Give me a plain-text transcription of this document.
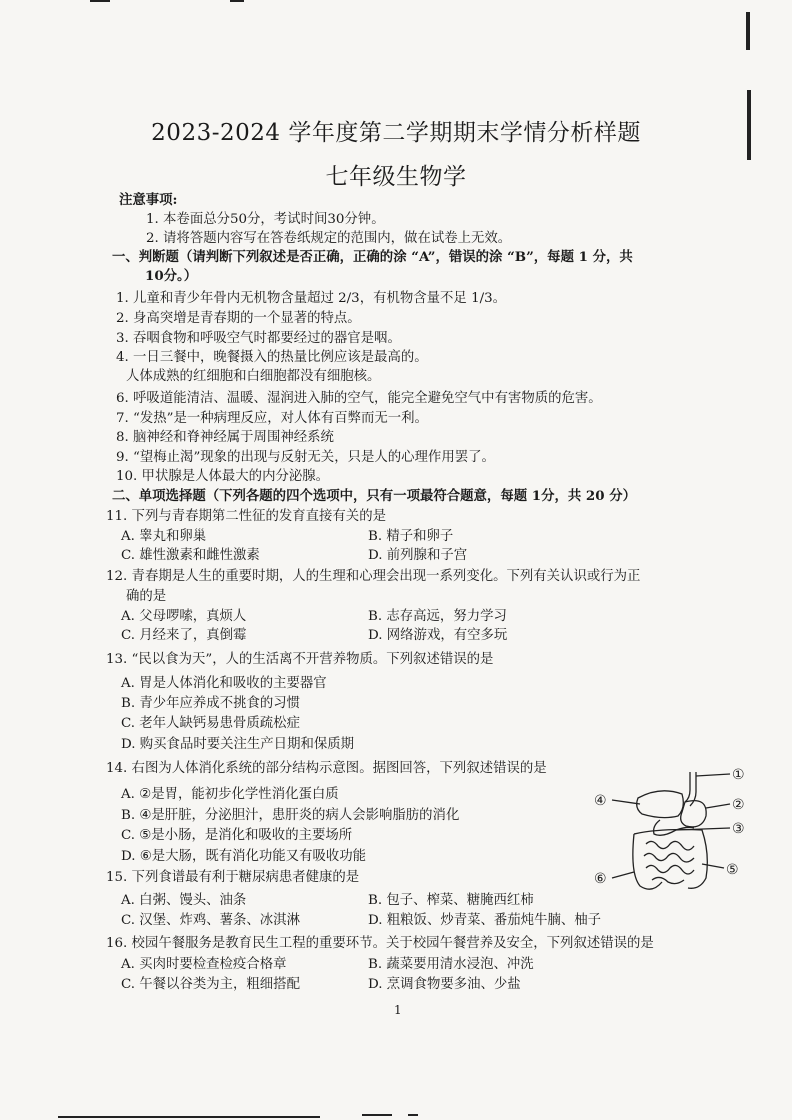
2023-2024 学年度第二学期期末学情分析样题
七年级生物学
注意事项:
1. 本卷面总分50分，考试时间30分钟。
2. 请将答题内容写在答卷纸规定的范围内，做在试卷上无效。
一、判断题（请判断下列叙述是否正确，正确的涂 “A”，错误的涂 “B”，每题 1 分，共
10分。）
1. 儿童和青少年骨内无机物含量超过 2/3，有机物含量不足 1/3。
2. 身高突增是青春期的一个显著的特点。
3. 吞咽食物和呼吸空气时都要经过的器官是咽。
4. 一日三餐中，晚餐摄入的热量比例应该是最高的。
人体成熟的红细胞和白细胞都没有细胞核。
6. 呼吸道能清洁、温暖、湿润进入肺的空气，能完全避免空气中有害物质的危害。
7. “发热”是一种病理反应，对人体有百弊而无一利。
8. 脑神经和脊神经属于周围神经系统
9. “望梅止渴”现象的出现与反射无关，只是人的心理作用罢了。
10. 甲状腺是人体最大的内分泌腺。
二、单项选择题（下列各题的四个选项中，只有一项最符合题意，每题 1分，共 20 分）
11. 下列与青春期第二性征的发育直接有关的是
A. 睾丸和卵巢	B. 精子和卵子
C. 雄性激素和雌性激素	D. 前列腺和子宫
12. 青春期是人生的重要时期，人的生理和心理会出现一系列变化。下列有关认识或行为正
确的是
A. 父母啰嗦，真烦人	B. 志存高远，努力学习
C. 月经来了，真倒霉	D. 网络游戏，有空多玩
13. “民以食为天”，人的生活离不开营养物质。下列叙述错误的是
A. 胃是人体消化和吸收的主要器官
B. 青少年应养成不挑食的习惯
C. 老年人缺钙易患骨质疏松症
D. 购买食品时要关注生产日期和保质期
14. 右图为人体消化系统的部分结构示意图。据图回答，下列叙述错误的是
A. ②是胃，能初步化学性消化蛋白质
B. ④是肝脏，分泌胆汁，患肝炎的病人会影响脂肪的消化
C. ⑤是小肠，是消化和吸收的主要场所
D. ⑥是大肠，既有消化功能又有吸收功能
①
②
③
④
⑤
⑥
15. 下列食谱最有利于糖尿病患者健康的是
A. 白粥、馒头、油条	B. 包子、榨菜、糖腌西红柿
C. 汉堡、炸鸡、薯条、冰淇淋	D. 粗粮饭、炒青菜、番茄炖牛腩、柚子
16. 校园午餐服务是教育民生工程的重要环节。关于校园午餐营养及安全，下列叙述错误的是
A. 买肉时要检查检疫合格章	B. 蔬菜要用清水浸泡、冲洗
C. 午餐以谷类为主，粗细搭配	D. 烹调食物要多油、少盐
1
